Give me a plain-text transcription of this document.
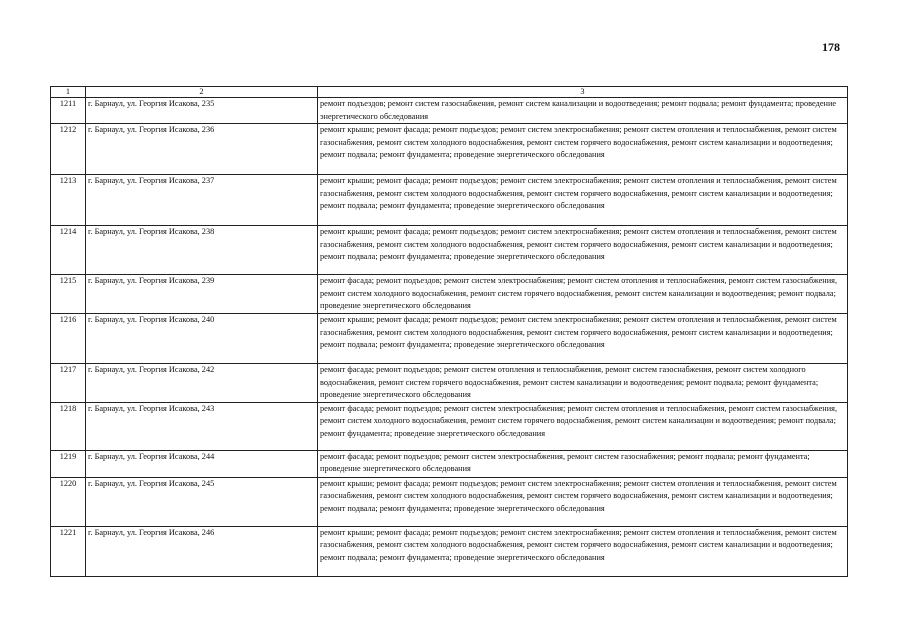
178
1	2	3
1211	г. Барнаул, ул. Георгия Исакова, 235	ремонт подъездов; ремонт систем газоснабжения, ремонт систем канализации и водоотведения; ремонт подвала; ремонт фундамента; проведение энергетического обследования
1212	г. Барнаул, ул. Георгия Исакова, 236	ремонт крыши; ремонт фасада; ремонт подъездов; ремонт систем электроснабжения; ремонт систем отопления и теплоснабжения, ремонт систем газоснабжения, ремонт систем холодного водоснабжения, ремонт систем горячего водоснабжения, ремонт систем канализации и водоотведения; ремонт подвала; ремонт фундамента; проведение энергетического обследования
1213	г. Барнаул, ул. Георгия Исакова, 237	ремонт крыши; ремонт фасада; ремонт подъездов; ремонт систем электроснабжения; ремонт систем отопления и теплоснабжения, ремонт систем газоснабжения, ремонт систем холодного водоснабжения, ремонт систем горячего водоснабжения, ремонт систем канализации и водоотведения; ремонт подвала; ремонт фундамента; проведение энергетического обследования
1214	г. Барнаул, ул. Георгия Исакова, 238	ремонт крыши; ремонт фасада; ремонт подъездов; ремонт систем электроснабжения; ремонт систем отопления и теплоснабжения, ремонт систем газоснабжения, ремонт систем холодного водоснабжения, ремонт систем горячего водоснабжения, ремонт систем канализации и водоотведения; ремонт подвала; ремонт фундамента; проведение энергетического обследования
1215	г. Барнаул, ул. Георгия Исакова, 239	ремонт фасада; ремонт подъездов; ремонт систем электроснабжения; ремонт систем отопления и теплоснабжения, ремонт систем газоснабжения, ремонт систем холодного водоснабжения, ремонт систем горячего водоснабжения, ремонт систем канализации и водоотведения; ремонт подвала; проведение энергетического обследования
1216	г. Барнаул, ул. Георгия Исакова, 240	ремонт крыши; ремонт фасада; ремонт подъездов; ремонт систем электроснабжения; ремонт систем отопления и теплоснабжения, ремонт систем газоснабжения, ремонт систем холодного водоснабжения, ремонт систем горячего водоснабжения, ремонт систем канализации и водоотведения; ремонт подвала; ремонт фундамента; проведение энергетического обследования
1217	г. Барнаул, ул. Георгия Исакова, 242	ремонт фасада; ремонт подъездов; ремонт систем отопления и теплоснабжения, ремонт систем газоснабжения, ремонт систем холодного водоснабжения, ремонт систем горячего водоснабжения, ремонт систем канализации и водоотведения; ремонт подвала; ремонт фундамента; проведение энергетического обследования
1218	г. Барнаул, ул. Георгия Исакова, 243	ремонт фасада; ремонт подъездов; ремонт систем электроснабжения; ремонт систем отопления и теплоснабжения, ремонт систем газоснабжения, ремонт систем холодного водоснабжения, ремонт систем горячего водоснабжения, ремонт систем канализации и водоотведения; ремонт подвала; ремонт фундамента; проведение энергетического обследования
1219	г. Барнаул, ул. Георгия Исакова, 244	ремонт фасада; ремонт подъездов; ремонт систем электроснабжения, ремонт систем газоснабжения; ремонт подвала; ремонт фундамента; проведение энергетического обследования
1220	г. Барнаул, ул. Георгия Исакова, 245	ремонт крыши; ремонт фасада; ремонт подъездов; ремонт систем электроснабжения; ремонт систем отопления и теплоснабжения, ремонт систем газоснабжения, ремонт систем холодного водоснабжения, ремонт систем горячего водоснабжения, ремонт систем канализации и водоотведения; ремонт подвала; ремонт фундамента; проведение энергетического обследования
1221	г. Барнаул, ул. Георгия Исакова, 246	ремонт крыши; ремонт фасада; ремонт подъездов; ремонт систем электроснабжения; ремонт систем отопления и теплоснабжения, ремонт систем газоснабжения, ремонт систем холодного водоснабжения, ремонт систем горячего водоснабжения, ремонт систем канализации и водоотведения; ремонт подвала; ремонт фундамента; проведение энергетического обследования
